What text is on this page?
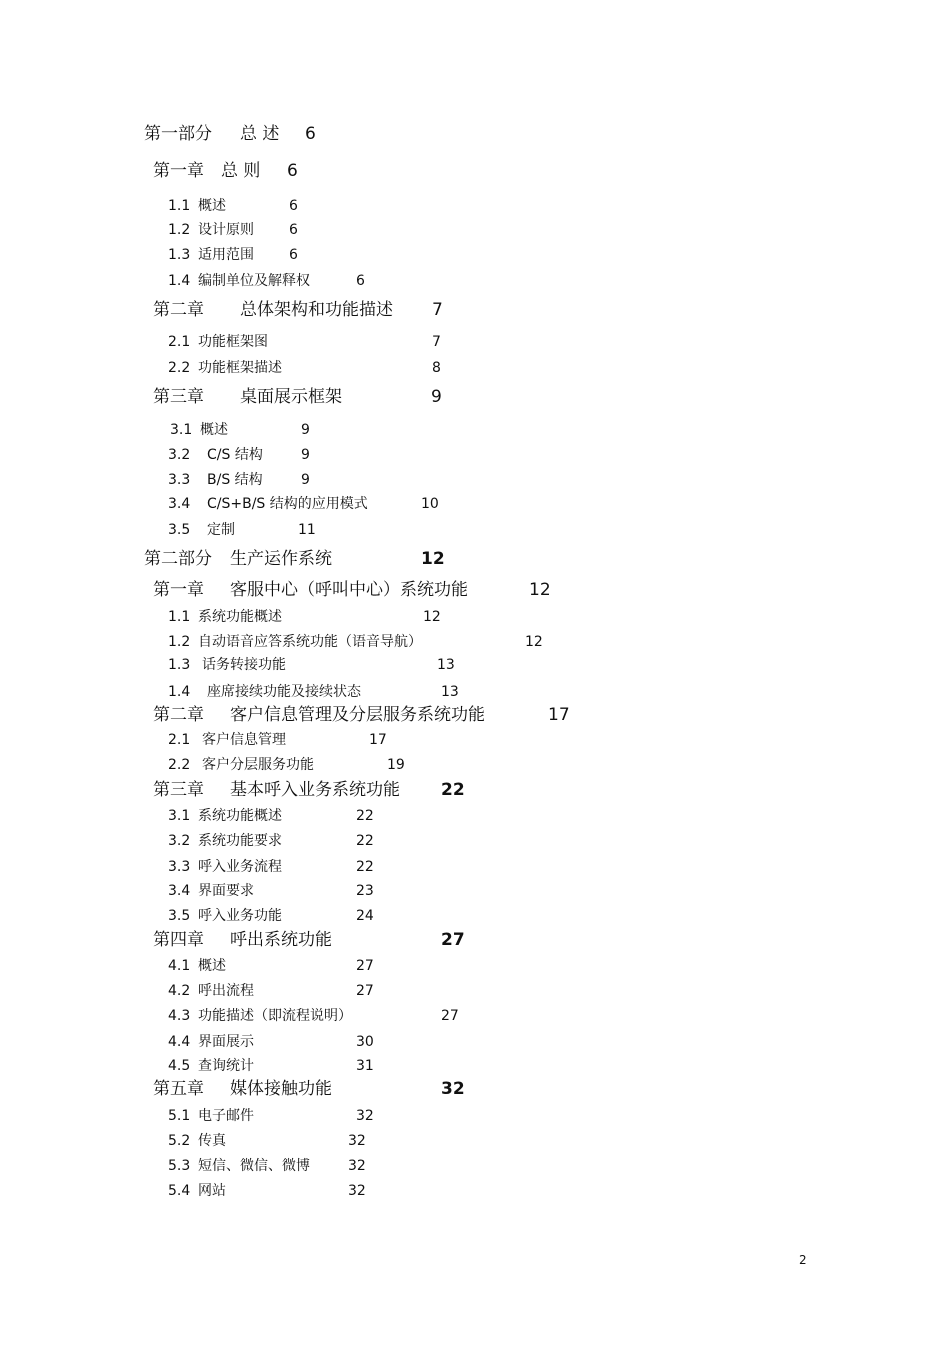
第一部分 总 述 6
第一章 总 则 6
1.1 概述	6
1.2 设计原则	6
1.3 适用范围	6
1.4 编制单位及解释权	6
第二章 总体架构和功能描述 7
2.1 功能框架图	7
2.2 功能框架描述	8
第三章 桌面展示框架	9
3.1 概述	9
3.2 C/S 结构	9
3.3 B/S 结构	9
3.4 C/S+B/S 结构的应用模式	10
3.5 定制	11
第二部分 生产运作系统	12
第一章 客服中心（呼叫中心）系统功能	12
1.1 系统功能概述	12
1.2 自动语音应答系统功能（语音导航）	12
1.3 话务转接功能	13
1.4 座席接续功能及接续状态	13
第二章 客户信息管理及分层服务系统功能	17
2.1 客户信息管理	17
2.2 客户分层服务功能	19
第三章 基本呼入业务系统功能 22
3.1 系统功能概述	22
3.2 系统功能要求	22
3.3 呼入业务流程	22
3.4 界面要求	23
3.5 呼入业务功能	24
第四章 呼出系统功能	27
4.1 概述	27
4.2 呼出流程	27
4.3 功能描述（即流程说明）	27
4.4 界面展示	30
4.5 查询统计	31
第五章 媒体接触功能	32
5.1 电子邮件	32
5.2 传真	32
5.3 短信、微信、微博	32
5.4 网站	32
2
